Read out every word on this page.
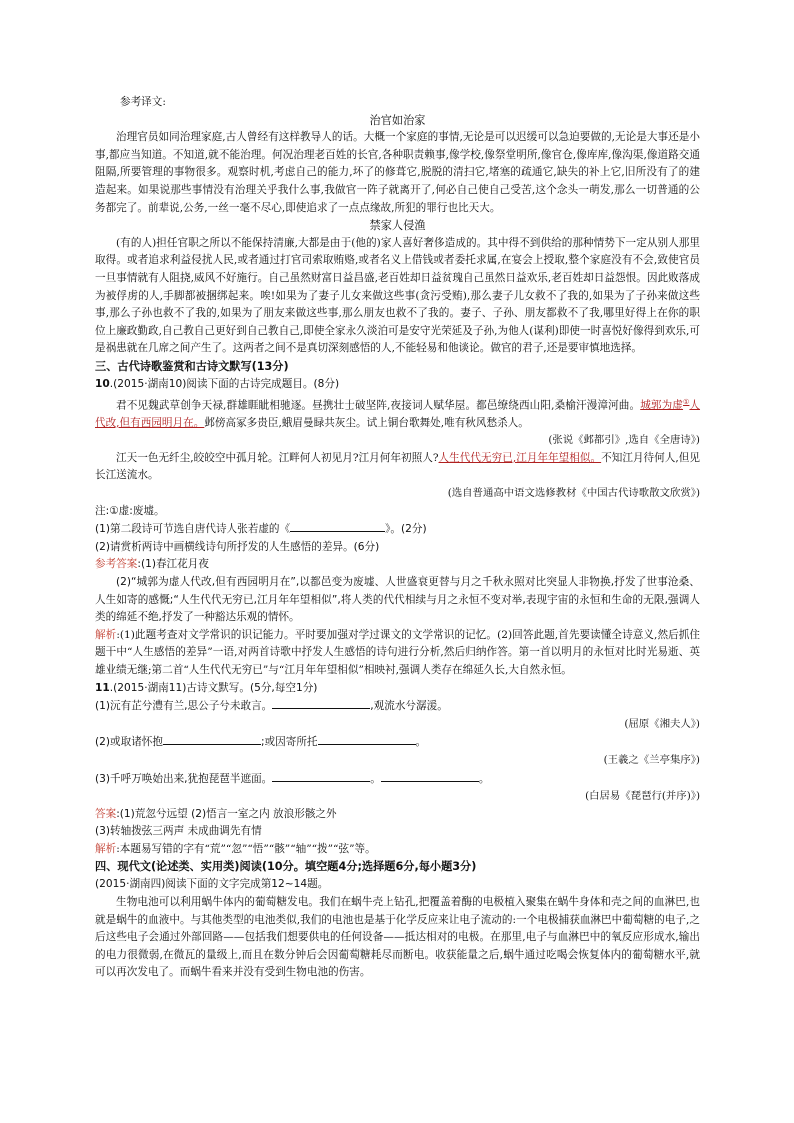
参考译文:

治官如治家

治理官员如同治理家庭,古人曾经有这样教导人的话。大概一个家庭的事情,无论是可以迟缓可以急迫要做的,无论是大事还是小事,都应当知道。不知道,就不能治理。何况治理老百姓的长官,各种职责赖事,像学校,像祭堂明所,像官仓,像库库,像沟渠,像道路交通阻隔,所要管理的事物很多。观察时机,考虑自己的能力,坏了的修葺它,脱脱的清扫它,堵塞的疏通它,缺失的补上它,旧所没有了的建造起来。如果说那些事情没有治理关乎我什么事,我做官一阵子就离开了,何必自己使自己受苦,这个念头一萌发,那么一切普通的公务都完了。前辈说,公务,一丝一毫不尽心,即使追求了一点点缘故,所犯的罪行也比天大。

禁家人侵渔

(有的人)担任官职之所以不能保持清廉,大都是由于(他的)家人喜好奢侈造成的。其中得不到供给的那种情势下一定从别人那里取得。或者追求利益侵扰人民,或者通过打官司索取贿赂,或者名义上借钱或者委托求属,在宴会上授取,整个家庭没有不会,致使官员一旦事情就有人阻挠,威风不好施行。自己虽然财富日益昌盛,老百姓却日益贫瑰自己虽然日益欢乐,老百姓却日益怨恨。因此败落成为被俘虏的人,手脚都被捆绑起来。唉!如果为了妻子儿女来做这些事(贪污受贿),那么妻子儿女救不了我的,如果为了子孙来做这些事,那么子孙也救不了我的,如果为了朋友来做这些事,那么朋友也救不了我的。妻子、子孙、朋友都救不了我,哪里好得上在你的职位上廉政勤政,自己教自己更好到自己教自己,即使全家永久淡泊可是安守光荣延及子孙,为他人(谋利)即使一时喜悦好像得到欢乐,可是祸患就在几席之间产生了。这两者之间不是真切深刻感悟的人,不能轻易和他谈论。做官的君子,还是要审慎地选择。

三、古代诗歌鉴赏和古诗文默写(13分)

10.(2015·湖南10)阅读下面的古诗完成题目。(8分)

君不见魏武草创争天禄,群雄睚眦相驰逐。昼携壮士破坚阵,夜接词人赋华屋。都邑缭绕西山阳,桑榆汗漫漳河曲。城郭为虚①人代改,但有西园明月在。邺傍高冢多贵臣,蛾眉曼睩共灰尘。试上铜台歌舞处,唯有秋风愁杀人。

(张说《邺都引》,选自《全唐诗》)

江天一色无纤尘,皎皎空中孤月轮。江畔何人初见月?江月何年初照人?人生代代无穷已,江月年年望相似。不知江月待何人,但见长江送流水。

(选自普通高中语文选修教材《中国古代诗歌散文欣赏》)

注:①虚:废墟。

(1)第二段诗可节选自唐代诗人张若虚的《	》。(2分)

(2)请赏析两诗中画横线诗句所抒发的人生感悟的差异。(6分)

参考答案:(1)春江花月夜

(2)“城郭为虚人代改,但有西园明月在”,以都邑变为废墟、人世盛衰更替与月之千秋永照对比突显人非物换,抒发了世事沧桑、人生如寄的感慨;“人生代代无穷已,江月年年望相似”,将人类的代代相续与月之永恒不变对举,表现宇宙的永恒和生命的无限,强调人类的绵延不绝,抒发了一种豁达乐观的情怀。

解析:(1)此题考查对文学常识的识记能力。平时要加强对学过课文的文学常识的记忆。(2)回答此题,首先要读懂全诗意义,然后抓住题干中“人生感悟的差异”一语,对两首诗歌中抒发人生感悟的诗句进行分析,然后归纳作答。第一首以明月的永恒对比时光易逝、英雄业绩无继;第二首“人生代代无穷已”与“江月年年望相似”相映衬,强调人类存在绵延久长,大自然永恒。

11.(2015·湖南11)古诗文默写。(5分,每空1分)

(1)沅有芷兮澧有兰,思公子兮未敢言。	,观流水兮潺湲。

(屈原《湘夫人》)

(2)或取诸怀抱	;或因寄所托	。

(王羲之《兰亭集序》)

(3)千呼万唤始出来,犹抱琵琶半遮面。	。	。

(白居易《琵琶行(并序)》)

答案:(1)荒忽兮远望 (2)悟言一室之内 放浪形骸之外

(3)转轴拨弦三两声 未成曲调先有情

解析:本题易写错的字有“荒”“忽”“悟”“骸”“轴”“拨”“弦”等。

四、现代文(论述类、实用类)阅读(10分。填空题4分;选择题6分,每小题3分)

(2015·湖南四)阅读下面的文字完成第12~14题。

生物电池可以利用蜗牛体内的葡萄糖发电。我们在蜗牛壳上钻孔,把覆盖着酶的电极植入聚集在蜗牛身体和壳之间的血淋巴,也就是蜗牛的血液中。与其他类型的电池类似,我们的电池也是基于化学反应来让电子流动的:一个电极捕获血淋巴中葡萄糖的电子,之后这些电子会通过外部回路——包括我们想要供电的任何设备——抵达相对的电极。在那里,电子与血淋巴中的氧反应形成水,输出的电力很微弱,在微瓦的量级上,而且在数分钟后会因葡萄糖耗尽而断电。收获能量之后,蜗牛通过吃喝会恢复体内的葡萄糖水平,就可以再次发电了。而蜗牛看来并没有受到生物电池的伤害。
